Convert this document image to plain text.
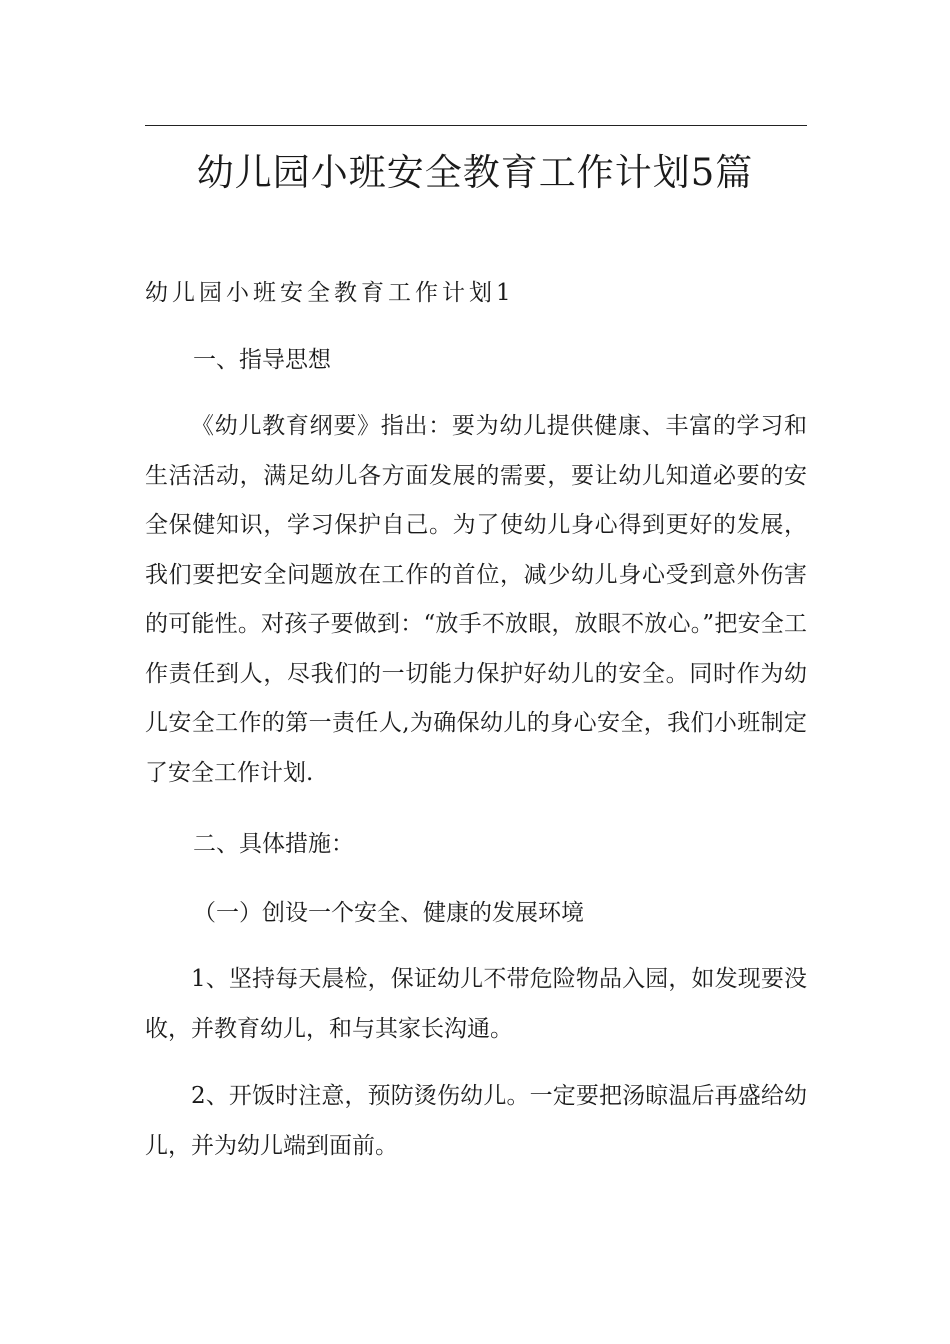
幼儿园小班安全教育工作计划5篇
幼儿园小班安全教育工作计划1
一、指导思想
《幼儿教育纲要》指出：要为幼儿提供健康、丰富的学习和生活活动，满足幼儿各方面发展的需要，要让幼儿知道必要的安全保健知识，学习保护自己。为了使幼儿身心得到更好的发展，我们要把安全问题放在工作的首位，减少幼儿身心受到意外伤害的可能性。对孩子要做到：“放手不放眼，放眼不放心。”把安全工作责任到人，尽我们的一切能力保护好幼儿的安全。同时作为幼儿安全工作的第一责任人,为确保幼儿的身心安全，我们小班制定了安全工作计划.
二、具体措施：
（一）创设一个安全、健康的发展环境
1、坚持每天晨检，保证幼儿不带危险物品入园，如发现要没收，并教育幼儿，和与其家长沟通。
2、开饭时注意，预防烫伤幼儿。一定要把汤晾温后再盛给幼儿，并为幼儿端到面前。
